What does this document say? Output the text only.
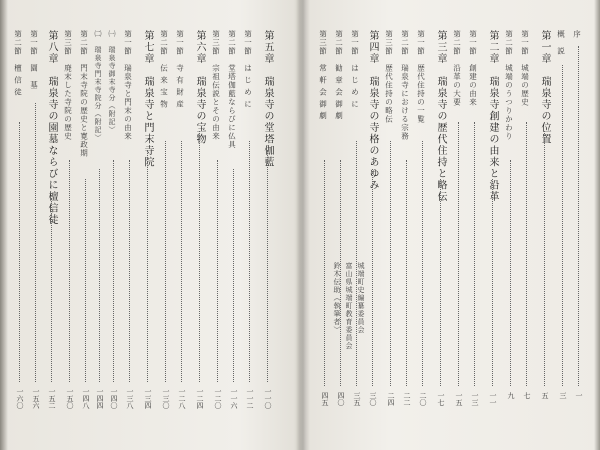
第五章　瑞泉寺の堂塔伽藍
一一〇
第一節　は じ め に
一一二
第二節　堂塔伽藍ならびに仏具
一一六
第三節　宗祖伝説とその由来
一二〇
第六章　瑞泉寺の宝物
一二四
第一節　寺 有 財 産
一二八
第二節　伝 来 宝 物
一三〇
第七章　瑞泉寺と門末寺院
一三四
第一節　瑞泉寺と門末の由来
一三八
㈠　瑞泉寺御末寺分（附記）
一四〇
㈡　瑞泉寺門末寺院分（附記）
一四四
第二節　門末寺院の歴史と寛政期
一四八
第三節　廃末した寺院の歴史
一五〇
第八章　瑞泉寺の園墓ならびに檀信徒
一五二
第一節　園　墓
一五六
第二節　檀 信 徒
一六〇
序
一
概　説
三
第一章　瑞泉寺の位置
五
第一節　城端の歴史
七
第二節　城端のうつりかわり
九
第二章　瑞泉寺創建の由来と沿革
一一
第一節　創建の由来
一三
第二節　沿革の大要
一五
第三章　瑞泉寺の歴代住持と略伝
一七
第一節　歴代住持の一覧
二〇
第二節　瑞泉寺における宗務
二二
第三節　歴代住持の略伝
二四
第四章　瑞泉寺の寺格のあゆみ
三〇
第一節　は じ め に
三五
第二節　勧 章 会 御 劇
四〇
第三節　常 軒 会 御 劇
四五
鈴木伝助（執筆者） 富山県城端町教育委員会 城端町史編纂委員会
